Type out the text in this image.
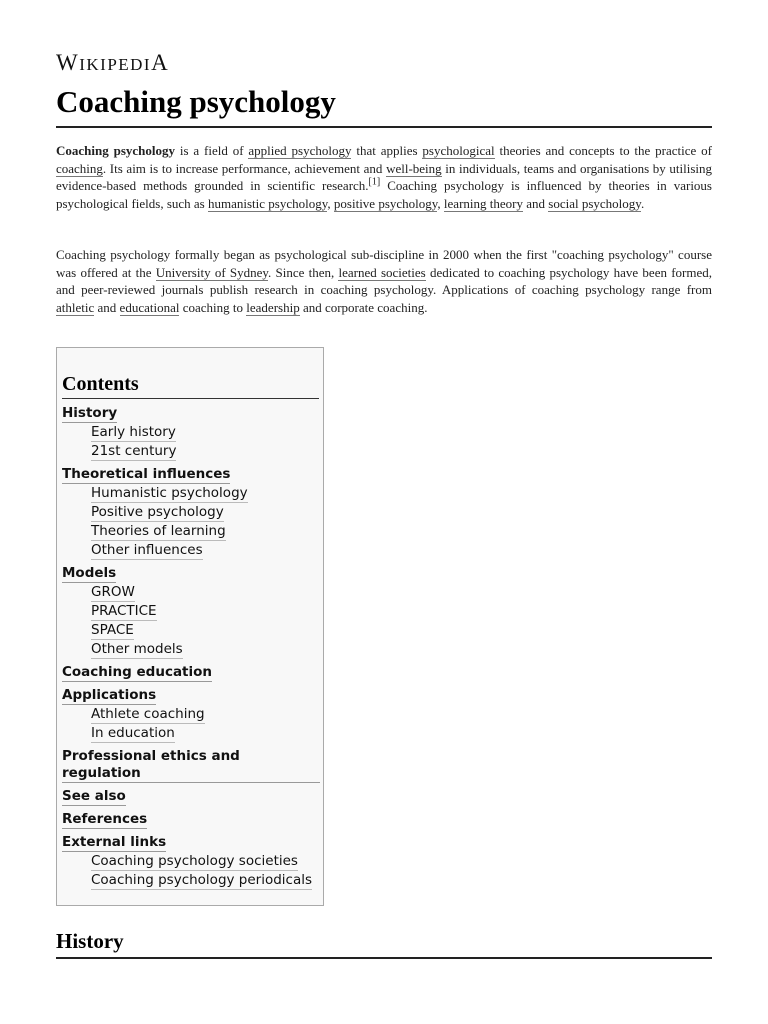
WIKIPEDIA
Coaching psychology

Coaching psychology is a field of applied psychology that applies psychological theories and concepts to the practice of coaching. Its aim is to increase performance, achievement and well-being in individuals, teams and organisations by utilising evidence-based methods grounded in scientific research.[1] Coaching psychology is influenced by theories in various psychological fields, such as humanistic psychology, positive psychology, learning theory and social psychology.

Coaching psychology formally began as psychological sub-discipline in 2000 when the first "coaching psychology" course was offered at the University of Sydney. Since then, learned societies dedicated to coaching psychology have been formed, and peer-reviewed journals publish research in coaching psychology. Applications of coaching psychology range from athletic and educational coaching to leadership and corporate coaching.

Contents
History
Early history
21st century
Theoretical influences
Humanistic psychology
Positive psychology
Theories of learning
Other influences
Models
GROW
PRACTICE
SPACE
Other models
Coaching education
Applications
Athlete coaching
In education
Professional ethics and regulation
See also
References
External links
Coaching psychology societies
Coaching psychology periodicals
History
